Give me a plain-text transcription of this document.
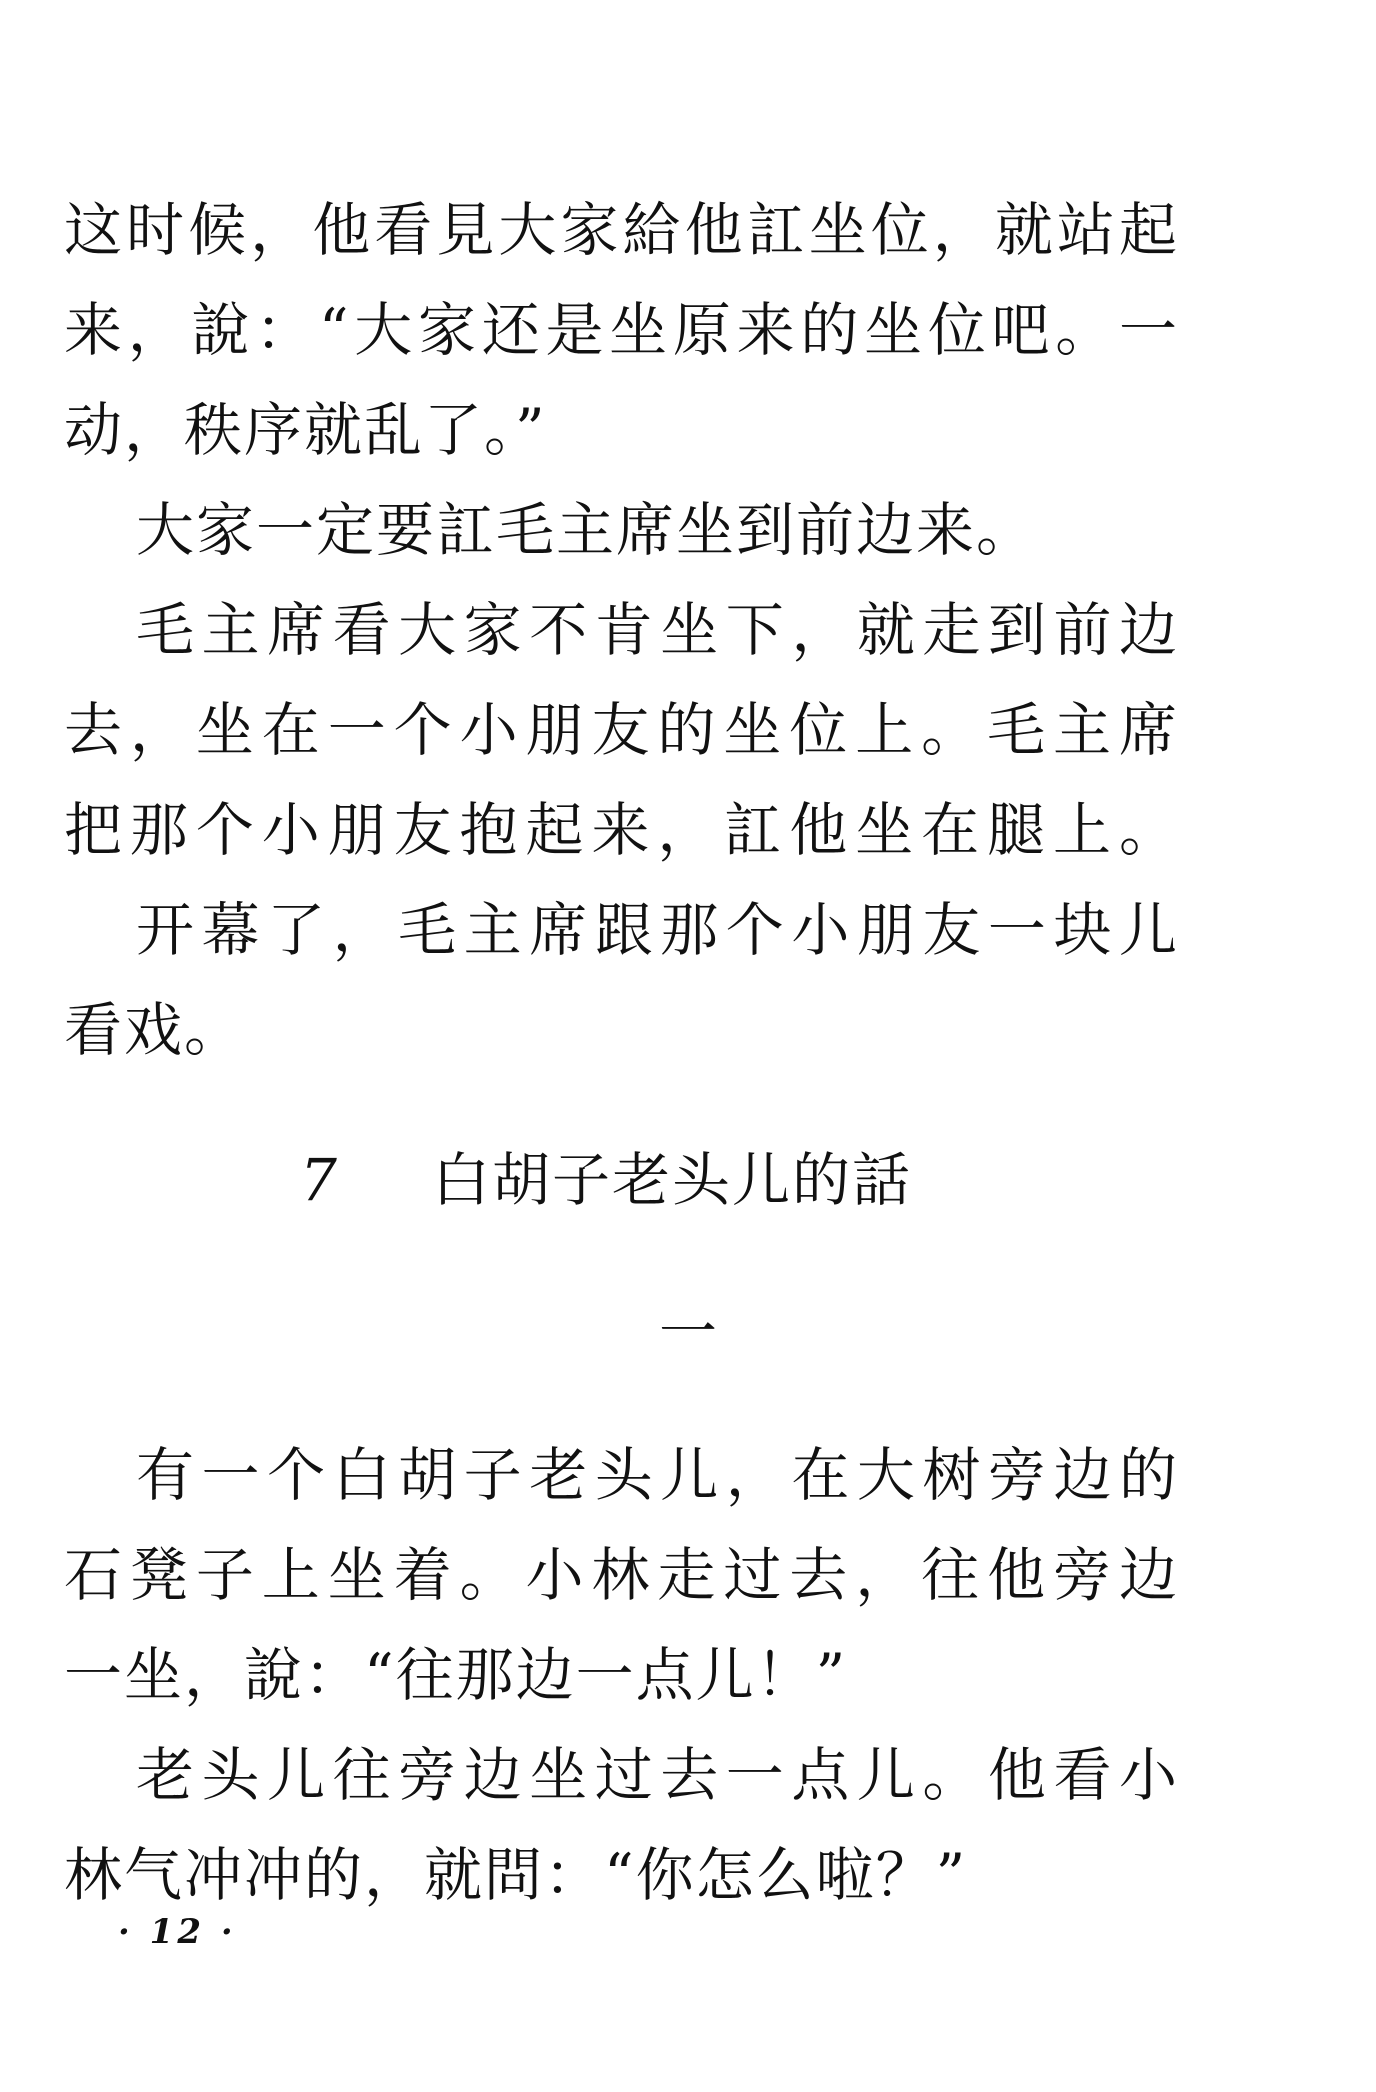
这时候，他看見大家給他訌坐位，就站起
来，說：“大家还是坐原来的坐位吧。一
动，秩序就乱了。”
大家一定要訌毛主席坐到前边来。
毛主席看大家不肯坐下，就走到前边
去，坐在一个小朋友的坐位上。毛主席
把那个小朋友抱起来，訌他坐在腿上。
开幕了，毛主席跟那个小朋友一块儿
看戏。
7 白胡子老头儿的話
一
有一个白胡子老头儿，在大树旁边的
石凳子上坐着。小林走过去，往他旁边
一坐，說：“往那边一点儿！”
老头儿往旁边坐过去一点儿。他看小
林气冲冲的，就問：“你怎么啦？”
· 12 ·
